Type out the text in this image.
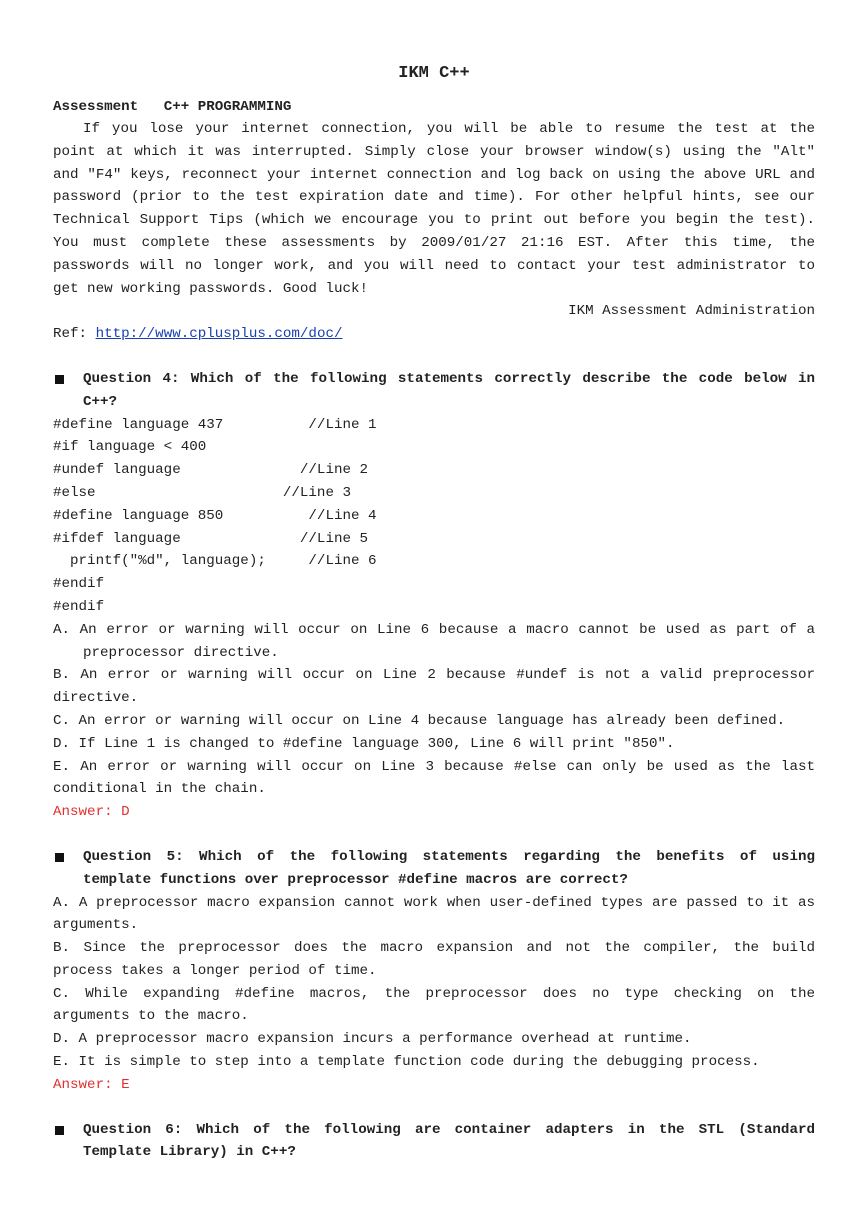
IKM C++
Assessment C++ PROGRAMMING

If you lose your internet connection, you will be able to resume the test at the point at which it was interrupted. Simply close your browser window(s) using the "Alt" and "F4" keys, reconnect your internet connection and log back on using the above URL and password (prior to the test expiration date and time). For other helpful hints, see our Technical Support Tips (which we encourage you to print out before you begin the test). You must complete these assessments by 2009/01/27 21:16 EST. After this time, the passwords will no longer work, and you will need to contact your test administrator to get new working passwords. Good luck!

IKM Assessment Administration
Ref: http://www.cplusplus.com/doc/
Question 4: Which of the following statements correctly describe the code below in C++?
#define language 437          //Line 1
#if language < 400
#undef language              //Line 2
#else                      //Line 3
#define language 850          //Line 4
#ifdef language              //Line 5
printf("%d", language);     //Line 6
#endif
#endif
A. An error or warning will occur on Line 6 because a macro cannot be used as part of a preprocessor directive.
B. An error or warning will occur on Line 2 because #undef is not a valid preprocessor directive.
C. An error or warning will occur on Line 4 because language has already been defined.
D. If Line 1 is changed to #define language 300, Line 6 will print "850".
E. An error or warning will occur on Line 3 because #else can only be used as the last conditional in the chain.
Answer: D
Question 5: Which of the following statements regarding the benefits of using template functions over preprocessor #define macros are correct?
A. A preprocessor macro expansion cannot work when user-defined types are passed to it as arguments.
B. Since the preprocessor does the macro expansion and not the compiler, the build process takes a longer period of time.
C. While expanding #define macros, the preprocessor does no type checking on the arguments to the macro.
D. A preprocessor macro expansion incurs a performance overhead at runtime.
E. It is simple to step into a template function code during the debugging process.
Answer: E
Question 6: Which of the following are container adapters in the STL (Standard Template Library) in C++?
